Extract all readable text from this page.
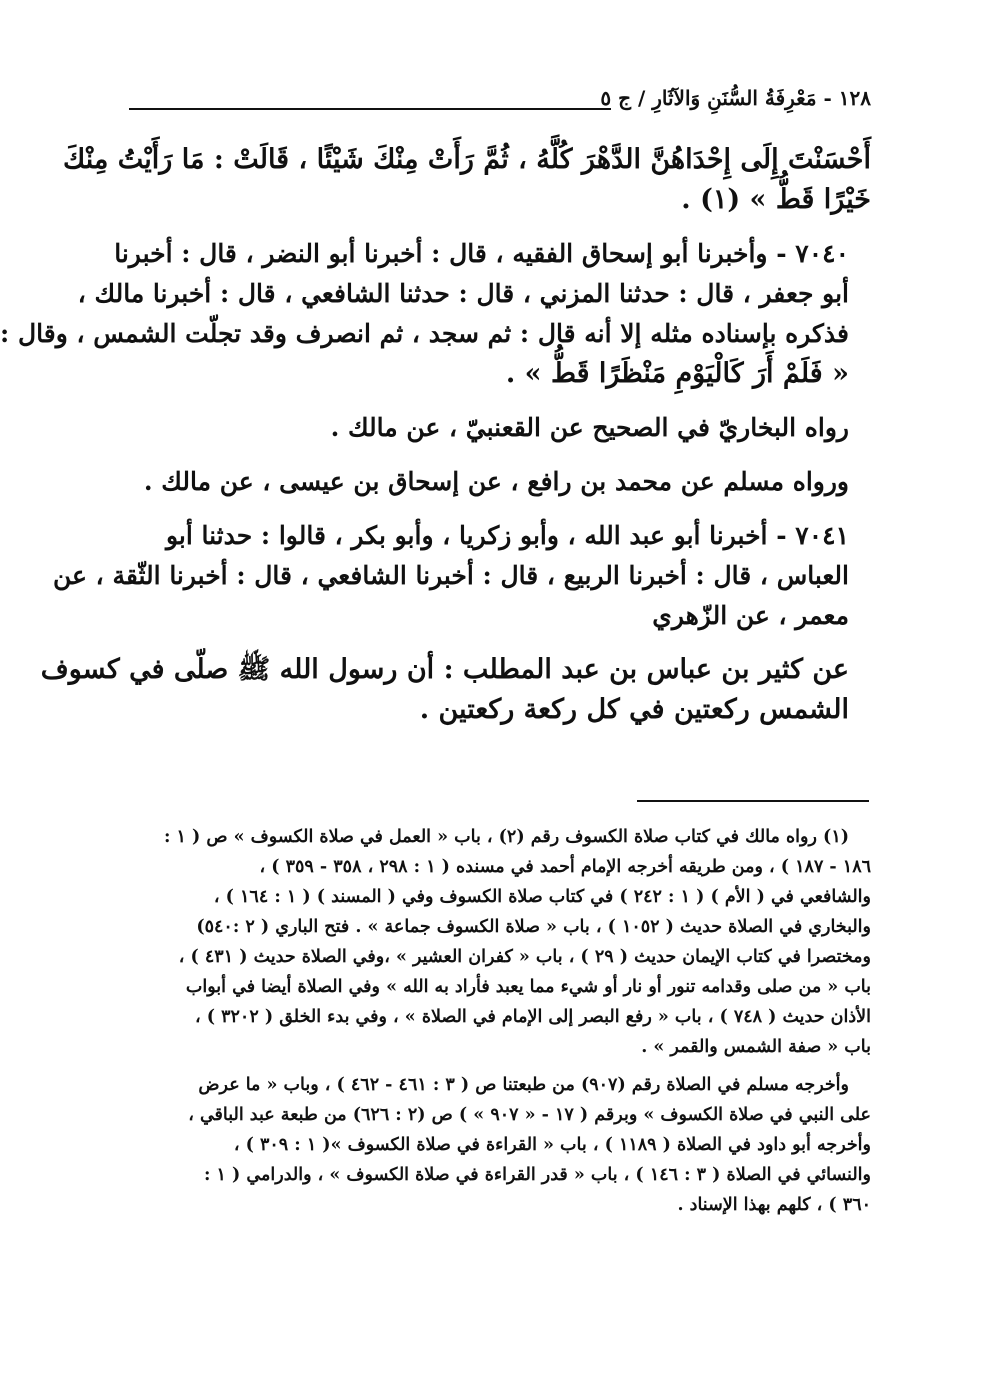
١٢٨ - مَعْرِفَةُ السُّنَنِ وَالآثَارِ / ج ٥

أَحْسَنْتَ إِلَى إِحْدَاهُنَّ الدَّهْرَ كُلَّهُ ، ثُمَّ رَأَتْ مِنْكَ شَيْئًا ، قَالَتْ : مَا رَأَيْتُ مِنْكَ
خَيْرًا قَطُّ » (١) .

٧٠٤٠ - وأخبرنا أبو إسحاق الفقيه ، قال : أخبرنا أبو النضر ، قال : أخبرنا
أبو جعفر ، قال : حدثنا المزني ، قال : حدثنا الشافعي ، قال : أخبرنا مالك ،
فذكره بإسناده مثله إلا أنه قال : ثم سجد ، ثم انصرف وقد تجلّت الشمس ، وقال :
« فَلَمْ أَرَ كَالْيَوْمِ مَنْظَرًا قَطُّ » .

رواه البخاريّ في الصحيح عن القعنبيّ ، عن مالك .

ورواه مسلم عن محمد بن رافع ، عن إسحاق بن عيسى ، عن مالك .

٧٠٤١ - أخبرنا أبو عبد الله ، وأبو زكريا ، وأبو بكر ، قالوا : حدثنا أبو
العباس ، قال : أخبرنا الربيع ، قال : أخبرنا الشافعي ، قال : أخبرنا الثّقة ، عن
معمر ، عن الزّهري

عن كثير بن عباس بن عبد المطلب : أن رسول الله ﷺ صلّى في كسوف
الشمس ركعتين في كل ركعة ركعتين .

(١) رواه مالك في كتاب صلاة الكسوف رقم (٢) ، باب « العمل في صلاة الكسوف » ص ( ١ :
١٨٦ - ١٨٧ ) ، ومن طريقه أخرجه الإمام أحمد في مسنده ( ١ : ٢٩٨ ، ٣٥٨ - ٣٥٩ ) ،
والشافعي في ( الأم ) ( ١ : ٢٤٢ ) في كتاب صلاة الكسوف وفي ( المسند ) ( ١ : ١٦٤ ) ،
والبخاري في الصلاة حديث ( ١٠٥٢ ) ، باب « صلاة الكسوف جماعة » . فتح الباري ( ٢ :٥٤٠)
ومختصرا في كتاب الإيمان حديث ( ٢٩ ) ، باب « كفران العشير » ،وفي الصلاة حديث ( ٤٣١ ) ،
باب « من صلى وقدامه تنور أو نار أو شيء مما يعبد فأراد به الله » وفي الصلاة أيضا في أبواب
الأذان حديث ( ٧٤٨ ) ، باب « رفع البصر إلى الإمام في الصلاة » ، وفي بدء الخلق ( ٣٢٠٢ ) ،
باب « صفة الشمس والقمر » .

وأخرجه مسلم في الصلاة رقم (٩٠٧) من طبعتنا ص ( ٣ : ٤٦١ - ٤٦٢ ) ، وباب « ما عرض
على النبي في صلاة الكسوف » وبرقم ( ١٧ - « ٩٠٧ » ) ص (٢ : ٦٢٦) من طبعة عبد الباقي ،
وأخرجه أبو داود في الصلاة ( ١١٨٩ ) ، باب « القراءة في صلاة الكسوف »( ١ : ٣٠٩ ) ،
والنسائي في الصلاة ( ٣ : ١٤٦ ) ، باب « قدر القراءة في صلاة الكسوف » ، والدرامي ( ١ :
٣٦٠ ) ، كلهم بهذا الإسناد .
